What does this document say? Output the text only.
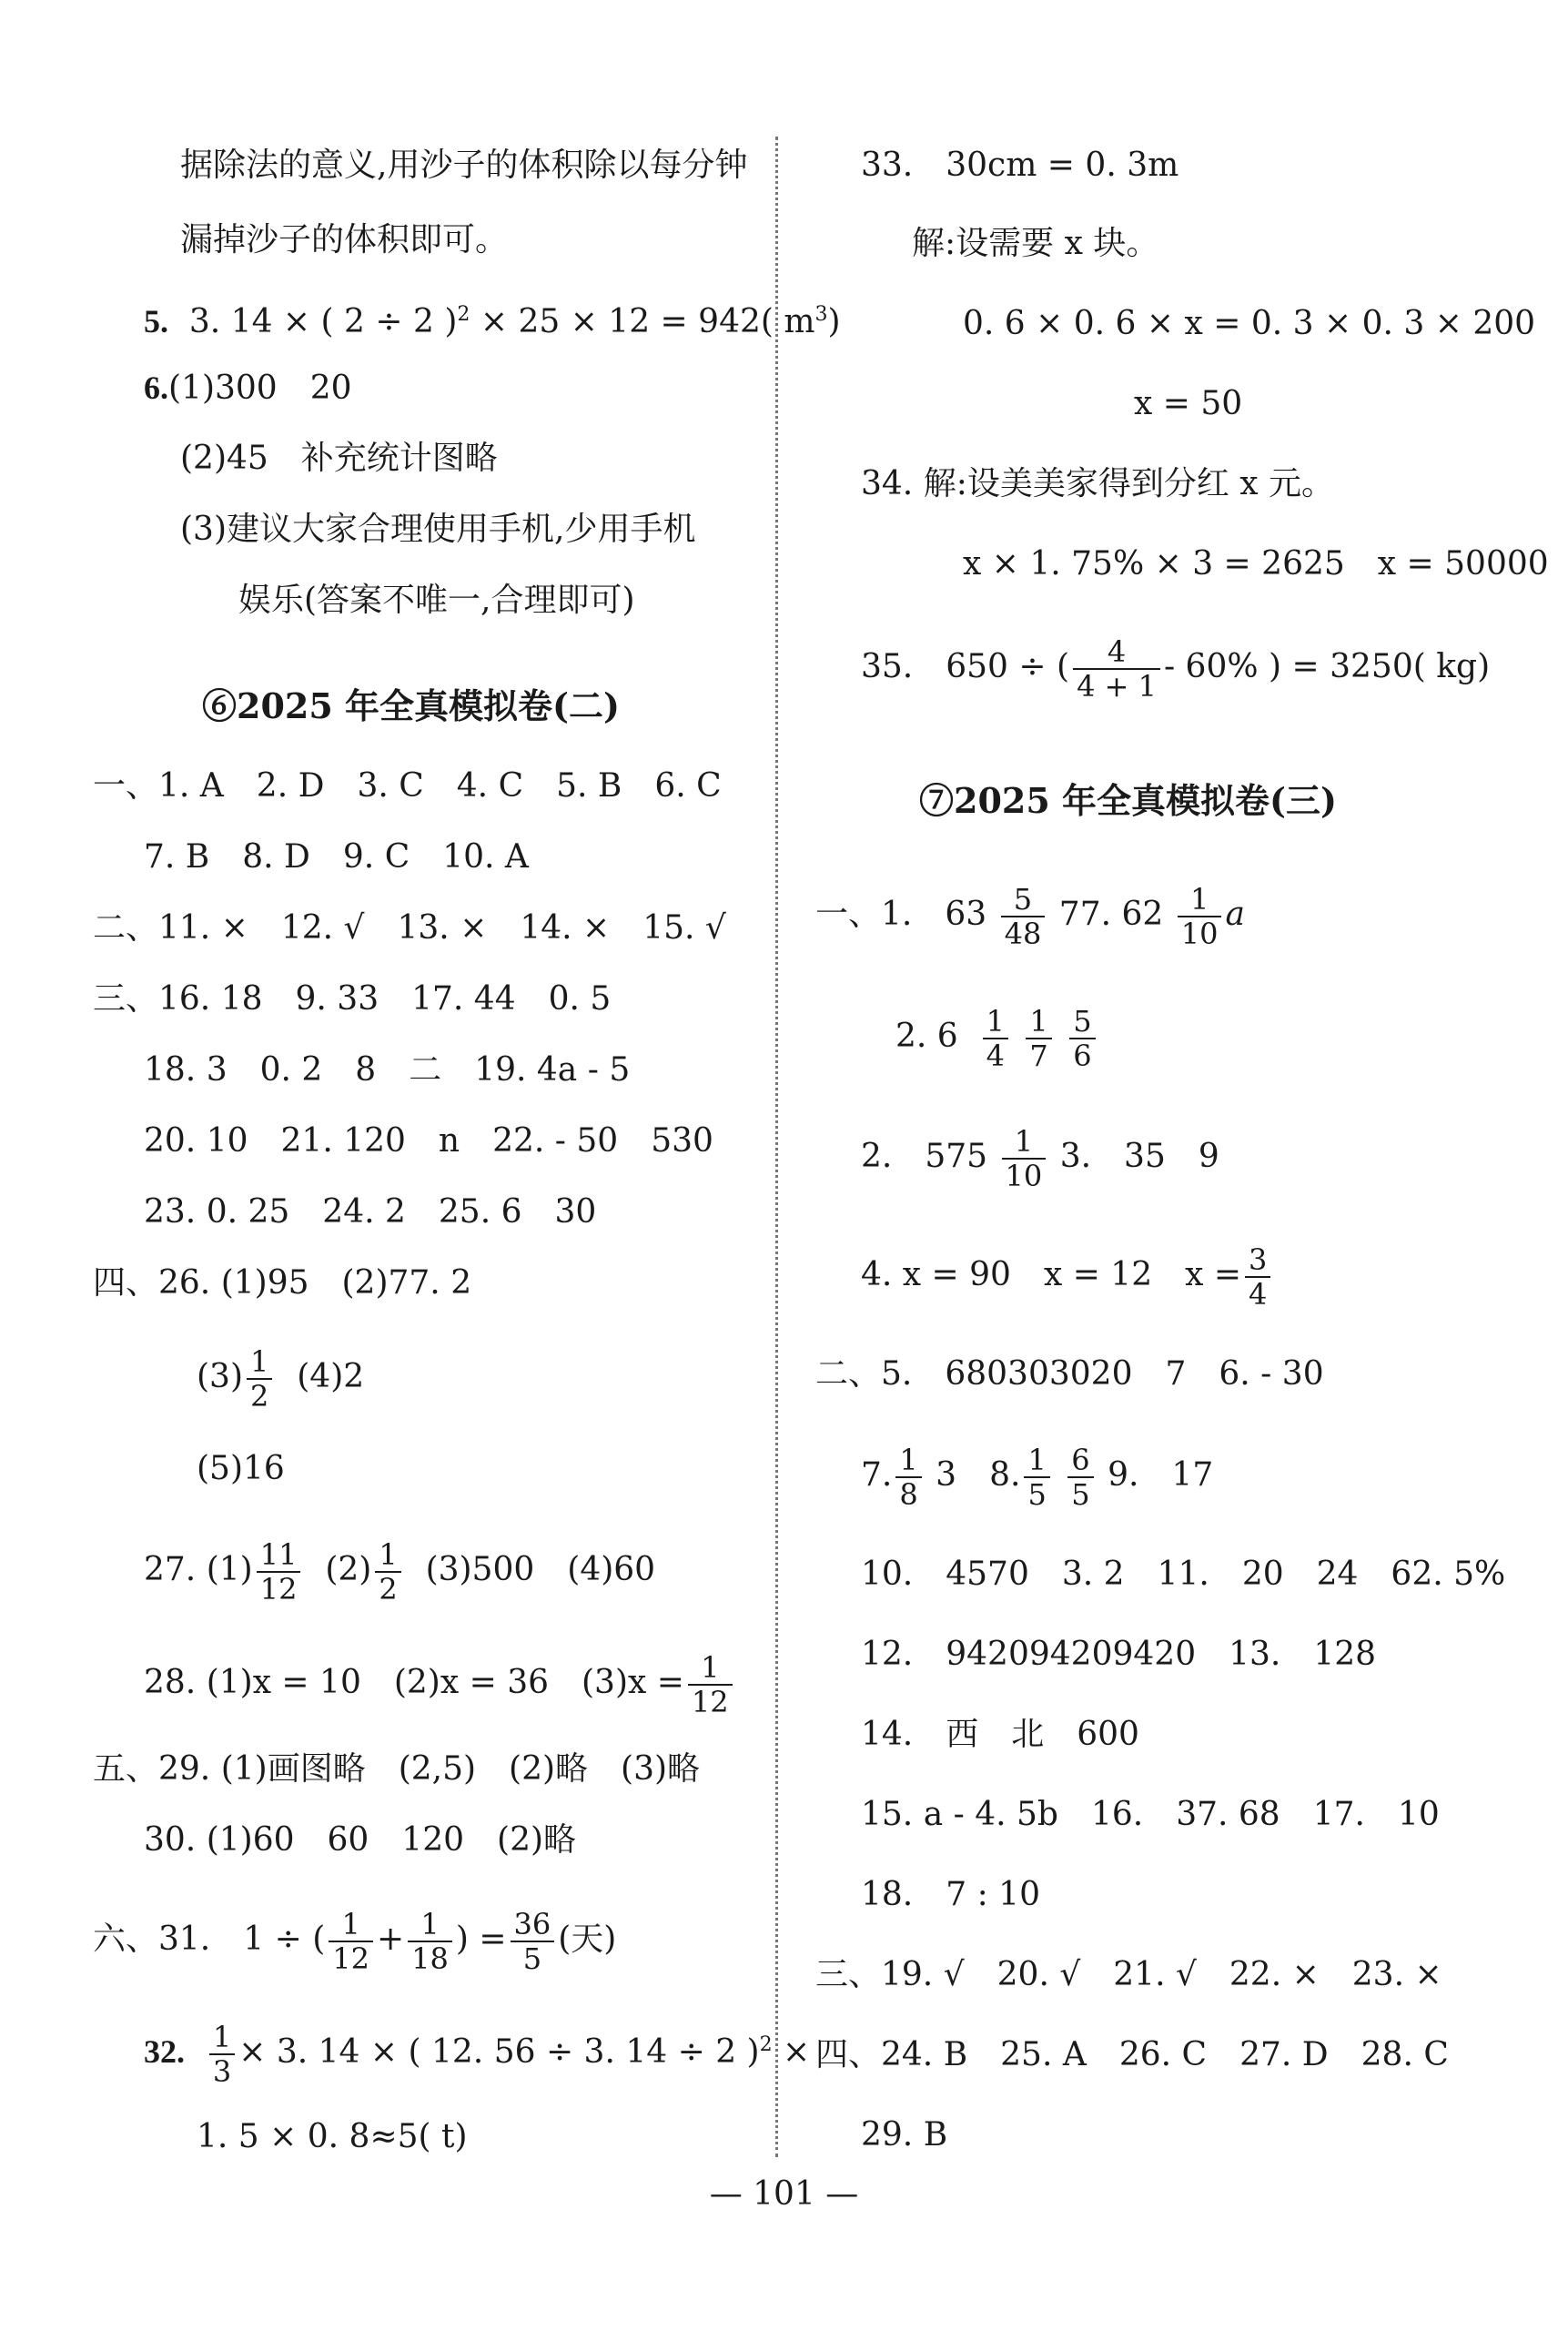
据除法的意义,用沙子的体积除以每分钟
漏掉沙子的体积即可。
5. 3. 14 × ( 2 ÷ 2 )$^2$ × 25 × 12 = 942( $m^3$)
6.(1)300　20
(2)45　补充统计图略
(3)建议大家合理使用手机,少用手机
娱乐(答案不唯一,合理即可)
⑥2025 年全真模拟卷(二)
一、1. A　2. D　3. C　4. C　5. B　6. C
7. B　8. D　9. C　10. A
二、11. ×　12. √　13. ×　14. ×　15. √
三、16. 18　9. 33　17. 44　0. 5
18. 3　0. 2　8　二　19. 4a - 5
20. 10　21. 120　n　22. - 50　530
23. 0. 25　24. 2　25. 6　30
四、26. (1)95　(2)77. 2
$(3) \frac{1}{2} (4)2$
(5)16
27. $(1) \frac{11}{12} (2) \frac{1}{2} (3)500$　(4)60
28. (1)x = 10　(2)x = 36　$(3)x = \frac{1}{12}$
五、29. (1)画图略　(2,5)　(2)略　(3)略
30. (1)60　60　120　(2)略
六、31.　1 ÷ ( $\frac{1}{12} + \frac{1}{18}$ ) = $\frac{36}{5}$ (天)
32. $\frac{1}{3} \times 3$. 14 × ( 12. 56 ÷ 3. 14 ÷ 2 )$^2$ ×
1. 5 × 0. 8≈5( t)
33.　30cm = 0. 3m
解:设需要 x 块。
0. 6 × 0. 6 × x = 0. 3 × 0. 3 × 200
x = 50
34. 解:设美美家得到分红 x 元。
x × 1. 75% × 3 = 2625　x = 50000
35.　650 ÷ ( $\frac{4}{4 + 1} - 60\%$ ) = 3250( kg)
⑦2025 年全真模拟卷(三)
一、1.　$63 \frac{5}{48} 77$. $62 \frac{1}{10}$ a
2. $6 \frac{1}{4}$
$\frac{1}{7}$
$\frac{5}{6}$
2.　$575 \frac{1}{10} 3$.　35　9
4. x = 90　x = 12　$x = \frac{3}{4}$
二、5.　680303020　7　6. - 30
7. $\frac{1}{8} 3$　8. $\frac{1}{5}$
$\frac{6}{5} 9$.　17
10.　4570　3. 2　11.　20　24　62. 5%
12.　942094209420　13.　128
14.　西　北　600
15. a - 4. 5b　16.　37. 68　17.　10
18.　7 : 10
三、19. √　20. √　21. √　22. ×　23. ×
四、24. B　25. A　26. C　27. D　28. C
29. B
— 101 —
